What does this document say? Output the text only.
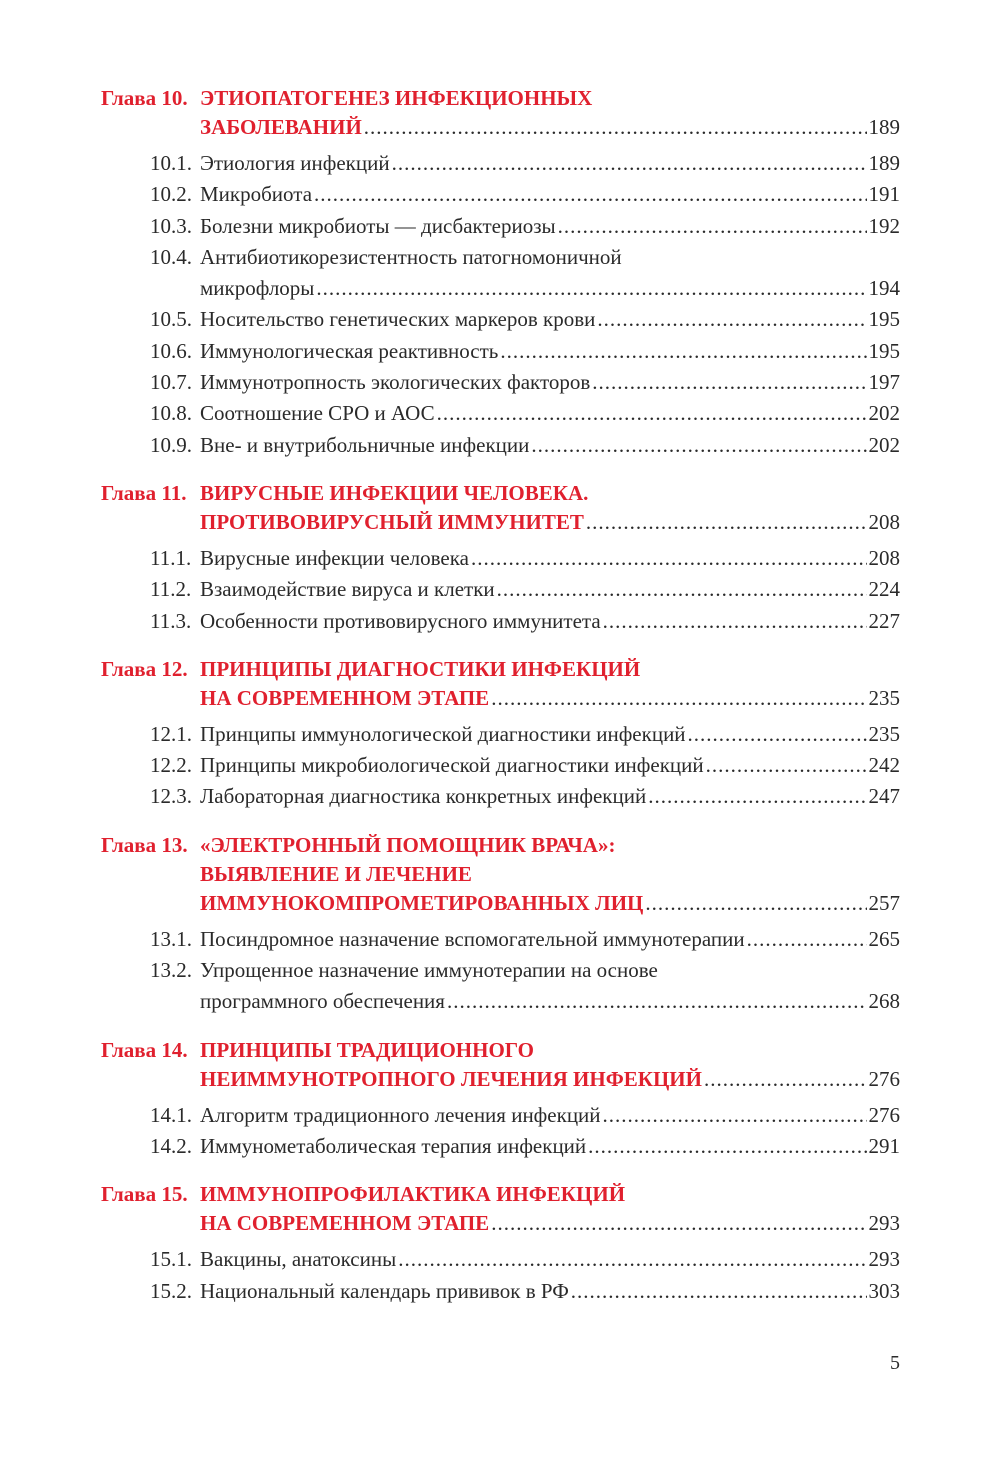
Глава 10. ЭТИОПАТОГЕНЕЗ ИНФЕКЦИОННЫХ
ЗАБОЛЕВАНИЙ .....	189
10.1. Этиология инфекций .....	189
10.2. Микробиота .....	191
10.3. Болезни микробиоты — дисбактериозы .....	192
10.4. Антибиотикорезистентность патогномоничной
микрофлоры .....	194
10.5. Носительство генетических маркеров крови .....	195
10.6. Иммунологическая реактивность .....	195
10.7. Иммунотропность экологических факторов .....	197
10.8. Соотношение СРО и АОС .....	202
10.9. Вне- и внутрибольничные инфекции .....	202
Глава 11. ВИРУСНЫЕ ИНФЕКЦИИ ЧЕЛОВЕКА.
ПРОТИВОВИРУСНЫЙ ИММУНИТЕТ .....	208
11.1. Вирусные инфекции человека .....	208
11.2. Взаимодействие вируса и клетки .....	224
11.3. Особенности противовирусного иммунитета .....	227
Глава 12. ПРИНЦИПЫ ДИАГНОСТИКИ ИНФЕКЦИЙ
НА СОВРЕМЕННОМ ЭТАПЕ .....	235
12.1. Принципы иммунологической диагностики инфекций .....	235
12.2. Принципы микробиологической диагностики инфекций .....	242
12.3. Лабораторная диагностика конкретных инфекций .....	247
Глава 13. «ЭЛЕКТРОННЫЙ ПОМОЩНИК ВРАЧА»:
ВЫЯВЛЕНИЕ И ЛЕЧЕНИЕ
ИММУНОКОМПРОМЕТИРОВАННЫХ ЛИЦ .....	257
13.1. Посиндромное назначение вспомогательной иммунотерапии .....	265
13.2. Упрощенное назначение иммунотерапии на основе
программного обеспечения .....	268
Глава 14. ПРИНЦИПЫ ТРАДИЦИОННОГО
НЕИММУНОТРОПНОГО ЛЕЧЕНИЯ ИНФЕКЦИЙ .....	276
14.1. Алгоритм традиционного лечения инфекций .....	276
14.2. Иммунометаболическая терапия инфекций .....	291
Глава 15. ИММУНОПРОФИЛАКТИКА ИНФЕКЦИЙ
НА СОВРЕМЕННОМ ЭТАПЕ .....	293
15.1. Вакцины, анатоксины .....	293
15.2. Национальный календарь прививок в РФ .....	303
5
